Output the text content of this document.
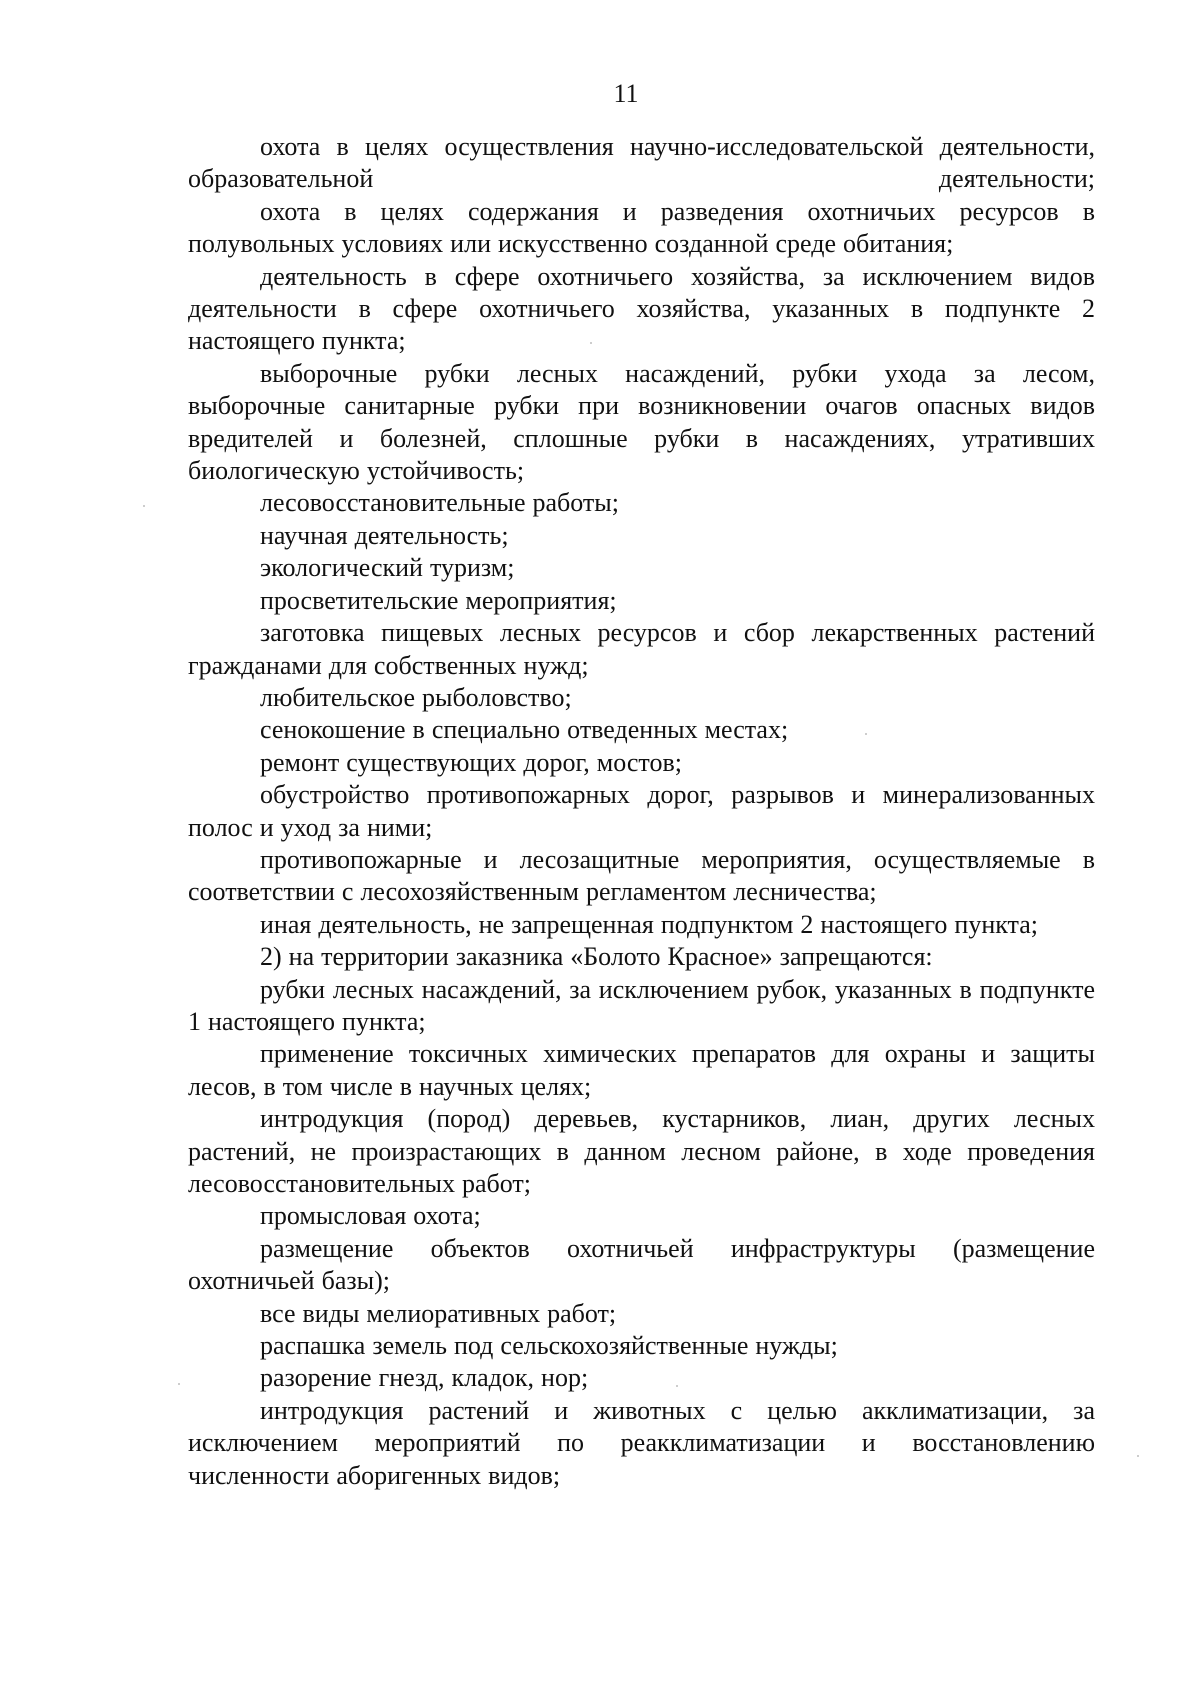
11

охота в целях осуществления научно-исследовательской деятельности, образовательной деятельности;

охота в целях содержания и разведения охотничьих ресурсов в полувольных условиях или искусственно созданной среде обитания;

деятельность в сфере охотничьего хозяйства, за исключением видов деятельности в сфере охотничьего хозяйства, указанных в подпункте 2 настоящего пункта;

выборочные рубки лесных насаждений, рубки ухода за лесом, выборочные санитарные рубки при возникновении очагов опасных видов вредителей и болезней, сплошные рубки в насаждениях, утративших биологическую устойчивость;

лесовосстановительные работы;

научная деятельность;

экологический туризм;

просветительские мероприятия;

заготовка пищевых лесных ресурсов и сбор лекарственных растений гражданами для собственных нужд;

любительское рыболовство;

сенокошение в специально отведенных местах;

ремонт существующих дорог, мостов;

обустройство противопожарных дорог, разрывов и минерализованных полос и уход за ними;

противопожарные и лесозащитные мероприятия, осуществляемые в соответствии с лесохозяйственным регламентом лесничества;

иная деятельность, не запрещенная подпунктом 2 настоящего пункта;

2) на территории заказника «Болото Красное» запрещаются:

рубки лесных насаждений, за исключением рубок, указанных в подпункте 1 настоящего пункта;

применение токсичных химических препаратов для охраны и защиты лесов, в том числе в научных целях;

интродукция (пород) деревьев, кустарников, лиан, других лесных растений, не произрастающих в данном лесном районе, в ходе проведения лесовосстановительных работ;

промысловая охота;

размещение объектов охотничьей инфраструктуры (размещение охотничьей базы);

все виды мелиоративных работ;

распашка земель под сельскохозяйственные нужды;

разорение гнезд, кладок, нор;

интродукция растений и животных с целью акклиматизации, за исключением мероприятий по реакклиматизации и восстановлению численности аборигенных видов;
